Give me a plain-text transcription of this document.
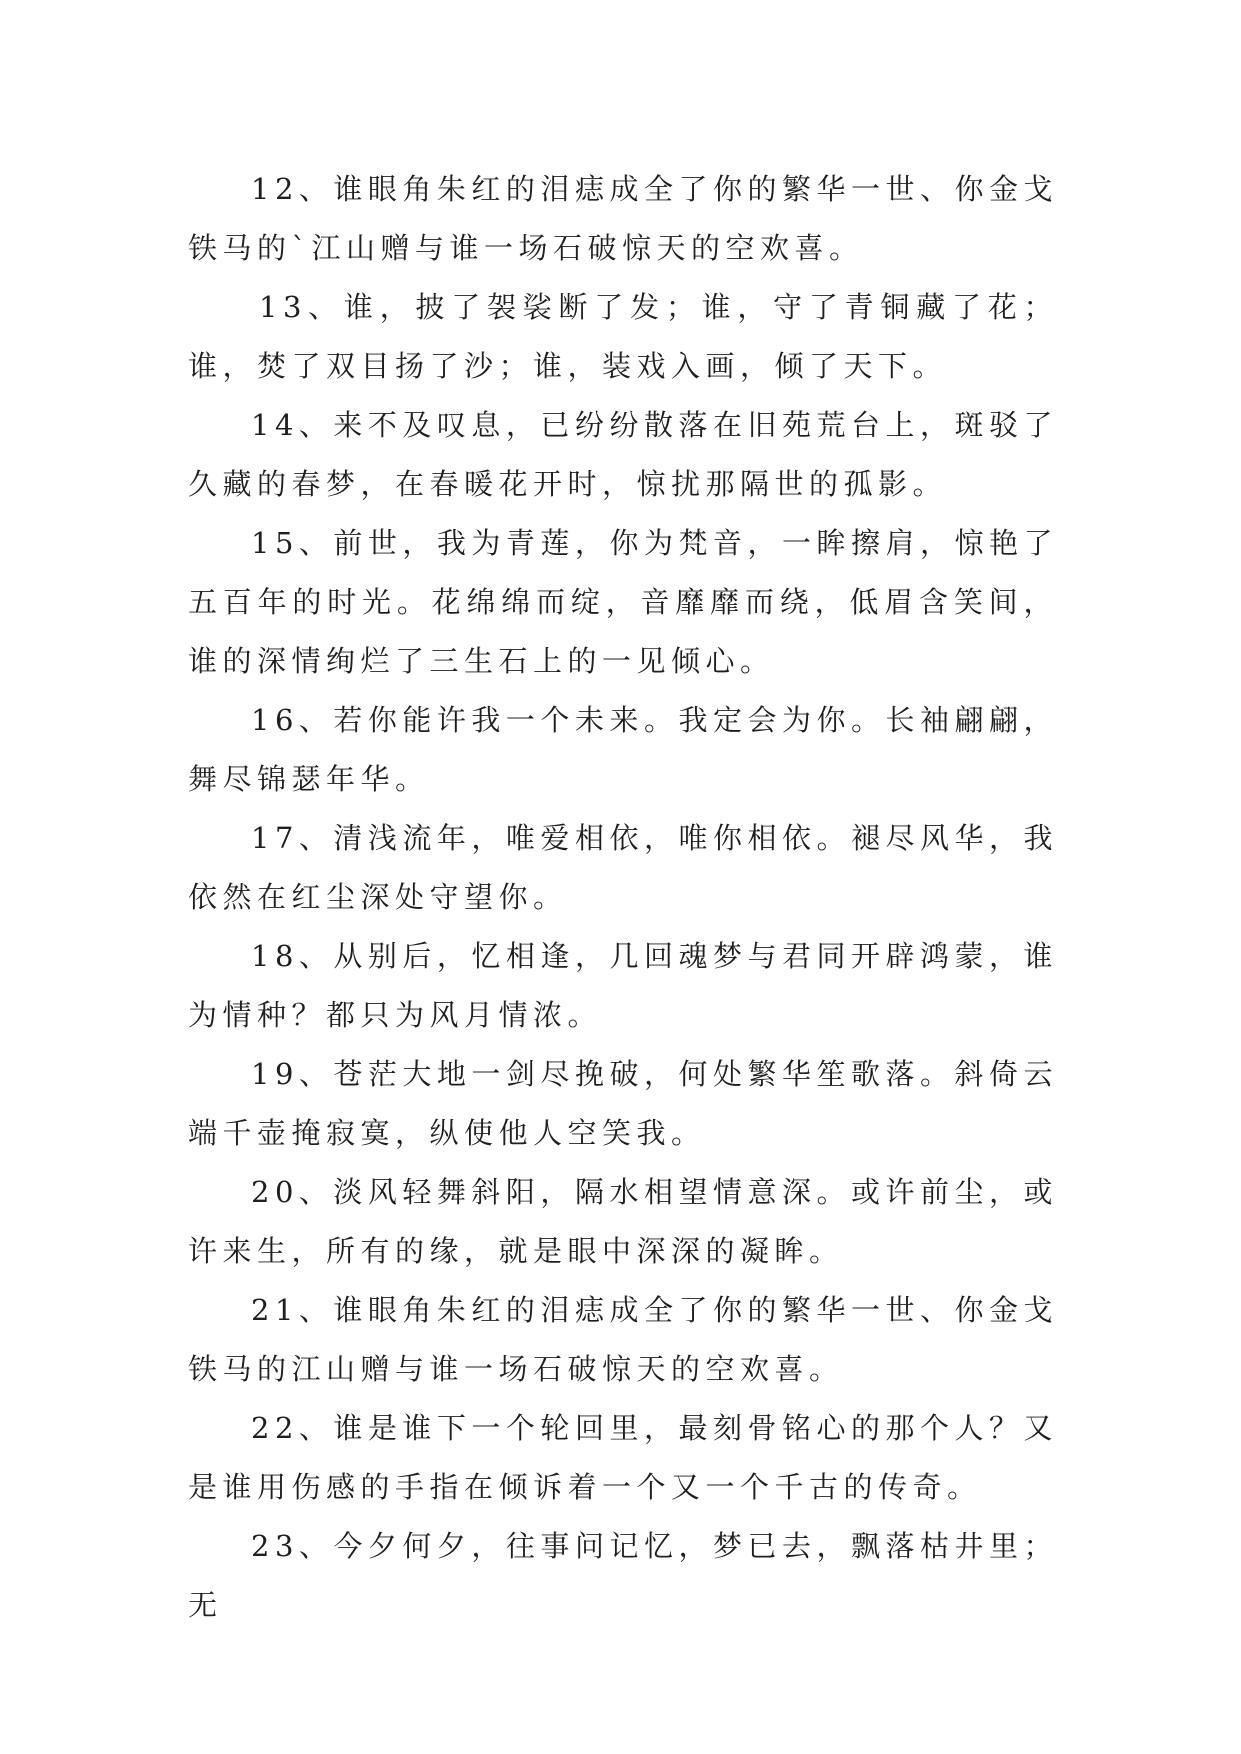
12、谁眼角朱红的泪痣成全了你的繁华一世、你金戈铁马的`江山赠与谁一场石破惊天的空欢喜。

13、谁，披了袈裟断了发；谁，守了青铜藏了花；谁，焚了双目扬了沙；谁，装戏入画，倾了天下。

14、来不及叹息，已纷纷散落在旧苑荒台上，斑驳了久藏的春梦，在春暖花开时，惊扰那隔世的孤影。

15、前世，我为青莲，你为梵音，一眸擦肩，惊艳了五百年的时光。花绵绵而绽，音靡靡而绕，低眉含笑间，谁的深情绚烂了三生石上的一见倾心。

16、若你能许我一个未来。我定会为你。长袖翩翩，舞尽锦瑟年华。

17、清浅流年，唯爱相依，唯你相依。褪尽风华，我依然在红尘深处守望你。

18、从别后，忆相逢，几回魂梦与君同开辟鸿蒙，谁为情种？都只为风月情浓。

19、苍茫大地一剑尽挽破，何处繁华笙歌落。斜倚云端千壶掩寂寞，纵使他人空笑我。

20、淡风轻舞斜阳，隔水相望情意深。或许前尘，或许来生，所有的缘，就是眼中深深的凝眸。

21、谁眼角朱红的泪痣成全了你的繁华一世、你金戈铁马的江山赠与谁一场石破惊天的空欢喜。

22、谁是谁下一个轮回里，最刻骨铭心的那个人？又是谁用伤感的手指在倾诉着一个又一个千古的传奇。

23、今夕何夕，往事问记忆，梦已去，飘落枯井里；无
